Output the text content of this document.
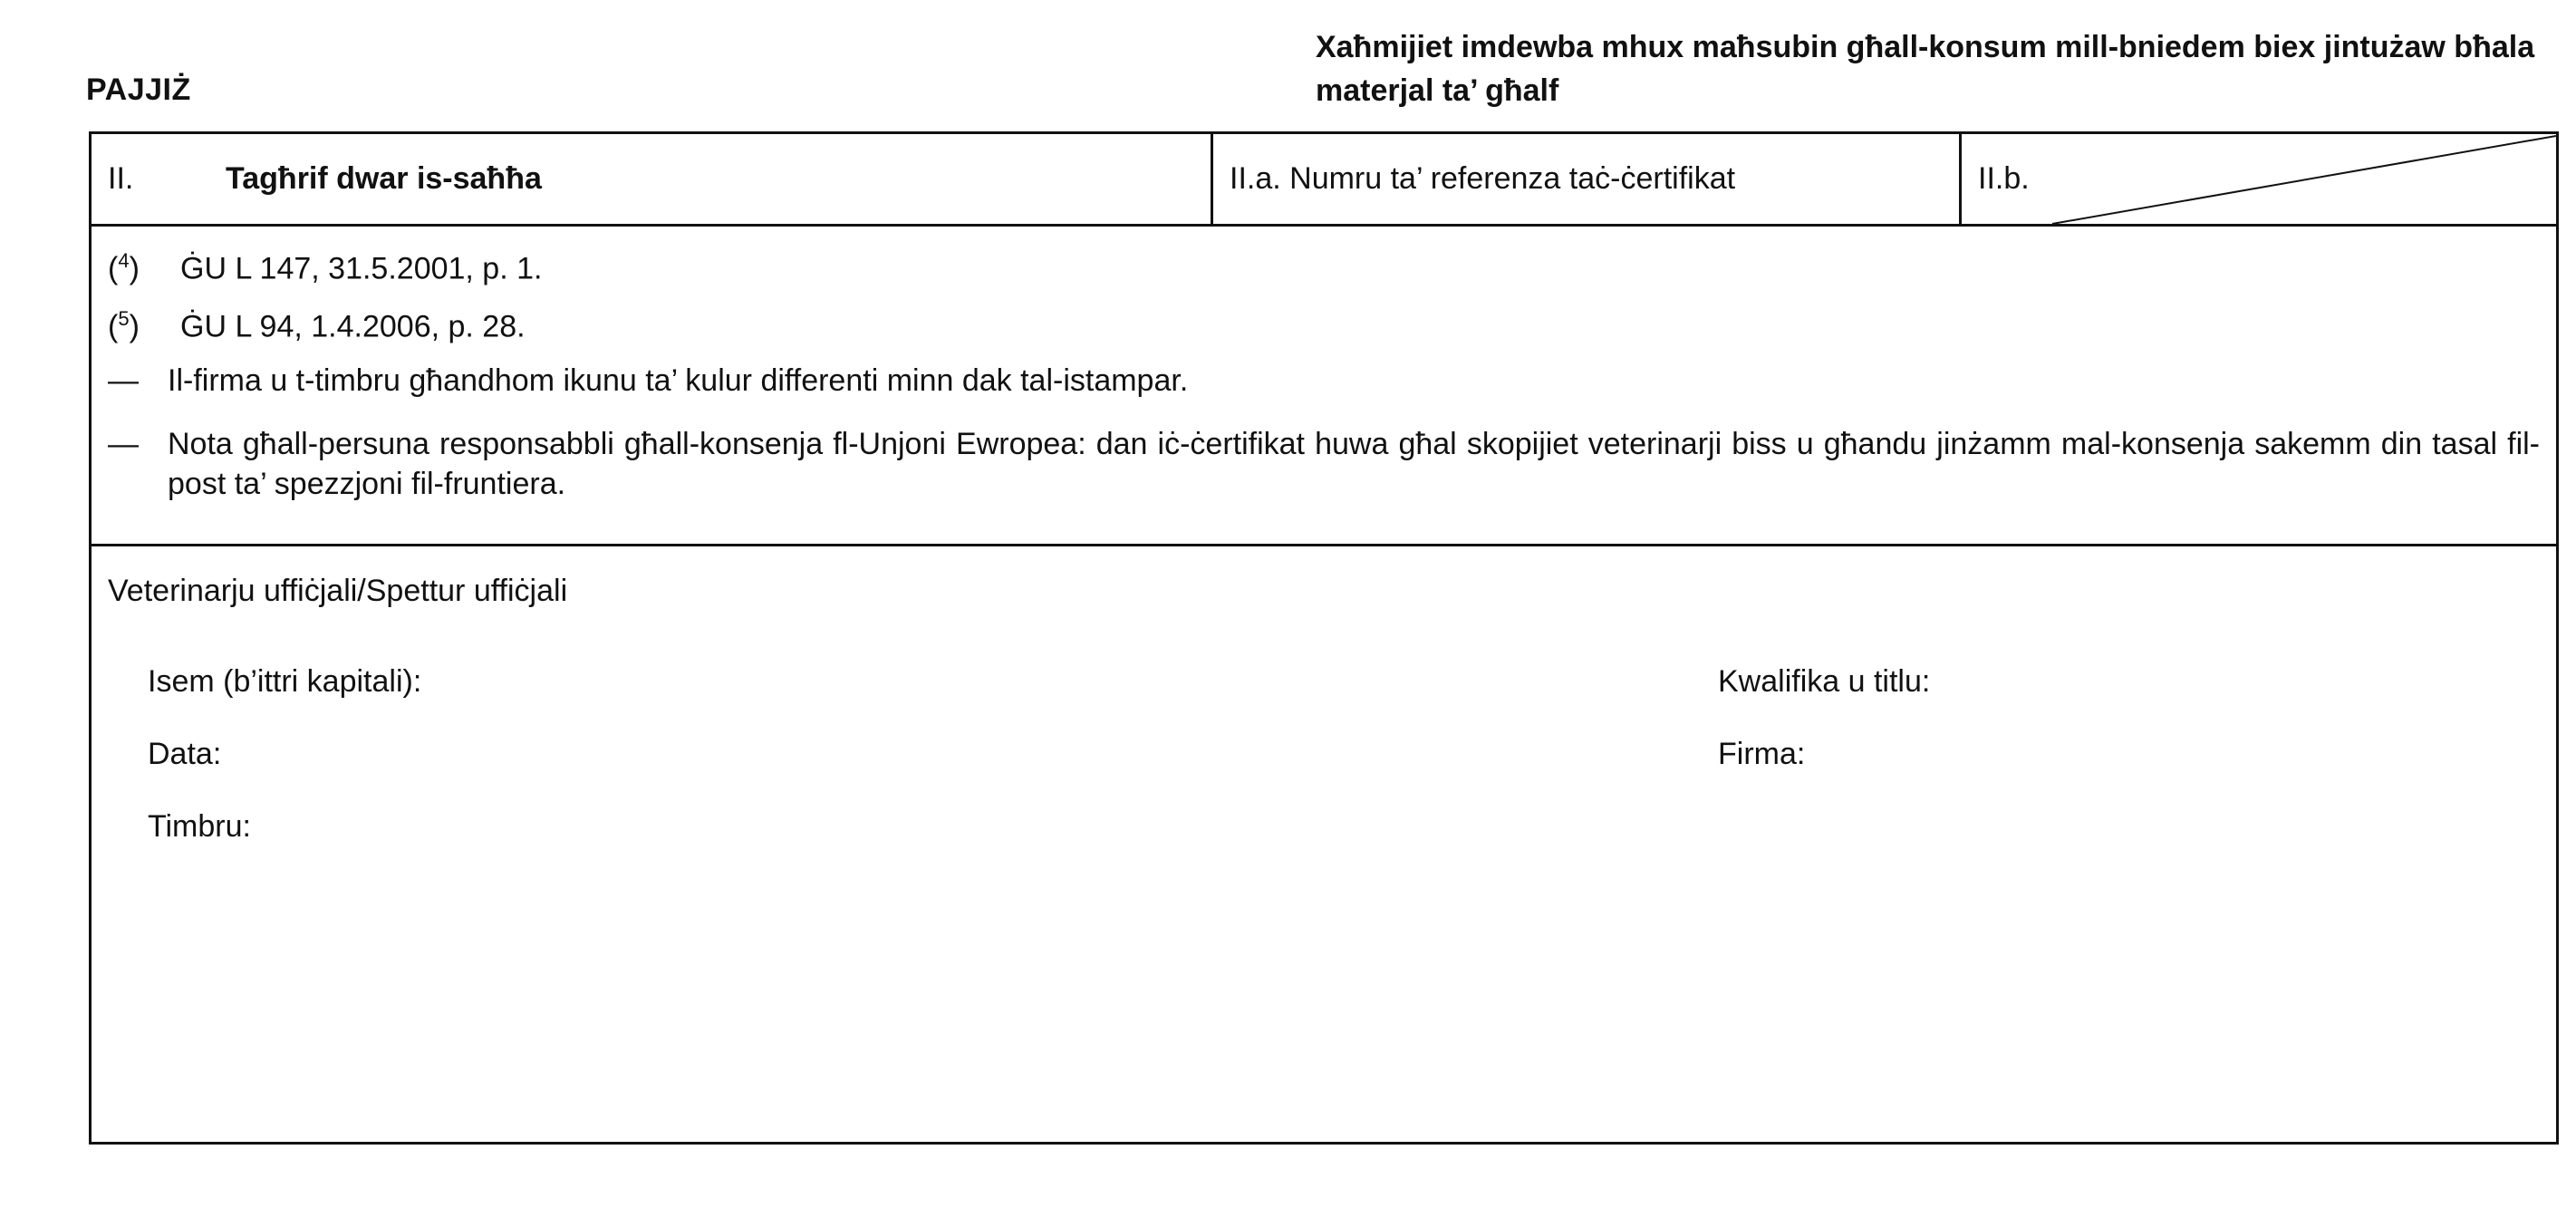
PAJJIŻ
Xaħmijiet imdewba mhux maħsubin għall-konsum mill-bniedem biex jintużaw bħala materjal ta’ għalf
II.	Tagħrif dwar is-saħħa	II.a. Numru ta’ referenza taċ-ċertifikat	II.b.
($^4$) ĠU L 147, 31.5.2001, p. 1.
($^5$) ĠU L 94, 1.4.2006, p. 28.
— Il-firma u t-timbru għandhom ikunu ta’ kulur differenti minn dak tal-istampar.
— Nota għall-persuna responsabbli għall-konsenja fl-Unjoni Ewropea: dan iċ-ċertifikat huwa għal skopijiet veterinarji biss u għandu jinżamm mal-konsenja sakemm din tasal fil-post ta’ spezzjoni fil-fruntiera.
Veterinarju uffiċjali/Spettur uffiċjali
Isem (b’ittri kapitali):	Kwalifika u titlu:
Data:	Firma:
Timbru:
